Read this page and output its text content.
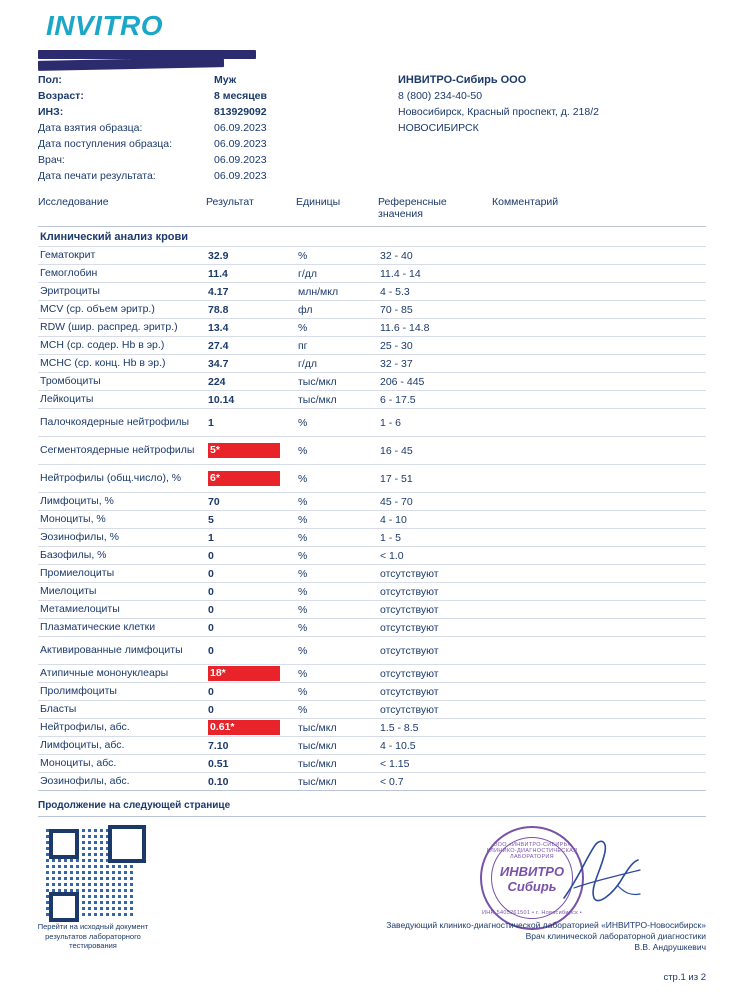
INVITRO
Пол:	Муж
Возраст:	8 месяцев
ИНЗ:	813929092
Дата взятия образца:	06.09.2023
Дата поступления образца:	06.09.2023
Врач:	06.09.2023
Дата печати результата:	06.09.2023
ИНВИТРО-Сибирь ООО
8 (800) 234-40-50
Новосибирск, Красный проспект, д. 218/2
НОВОСИБИРСК
Исследование	Результат	Единицы	Референсные
значения
Комментарий
Клинический анализ крови
Гематокрит	32.9	%	32 - 40
Гемоглобин	11.4	г/дл	11.4 - 14
Эритроциты	4.17	млн/мкл	4 - 5.3
MCV (ср. объем эритр.)	78.8	фл	70 - 85
RDW (шир. распред. эритр.)	13.4	%	11.6 - 14.8
MCH (ср. содер. Hb в эр.)	27.4	пг	25 - 30
MCHC (ср. конц. Hb в эр.)	34.7	г/дл	32 - 37
Тромбоциты	224	тыс/мкл	206 - 445
Лейкоциты	10.14	тыс/мкл	6 - 17.5
Палочкоядерные нейтрофилы	1	%	1 - 6
Сегментоядерные нейтрофилы	5*	%	16 - 45
Нейтрофилы (общ.число), %	6*	%	17 - 51
Лимфоциты, %	70	%	45 - 70
Моноциты, %	5	%	4 - 10
Эозинофилы, %	1	%	1 - 5
Базофилы, %	0	%	< 1.0
Промиелоциты	0	%	отсутствуют
Миелоциты	0	%	отсутствуют
Метамиелоциты	0	%	отсутствуют
Плазматические клетки	0	%	отсутствуют
Активированные лимфоциты	0	%	отсутствуют
Атипичные мононуклеары	18*	%	отсутствуют
Пролимфоциты	0	%	отсутствуют
Бласты	0	%	отсутствуют
Нейтрофилы, абс.	0.61*	тыс/мкл	1.5 - 8.5
Лимфоциты, абс.	7.10	тыс/мкл	4 - 10.5
Моноциты, абс.	0.51	тыс/мкл	< 1.15
Эозинофилы, абс.	0.10	тыс/мкл	< 0.7
Продолжение на следующей странице
Перейти на исходный документ результатов лабораторного тестирования
ООО «ИНВИТРО-СИБИРЬ» КЛИНИКО-ДИАГНОСТИЧЕСКАЯ ЛАБОРАТОРИЯ
ИНВИТРО
Сибирь
ИНН 5405261501 • г. Новосибирск •
Заведующий клинико-диагностической лабораторией «ИНВИТРО-Новосибирск»
Врач клинической лабораторной диагностики
В.В. Андрушкевич
стр.1 из 2
